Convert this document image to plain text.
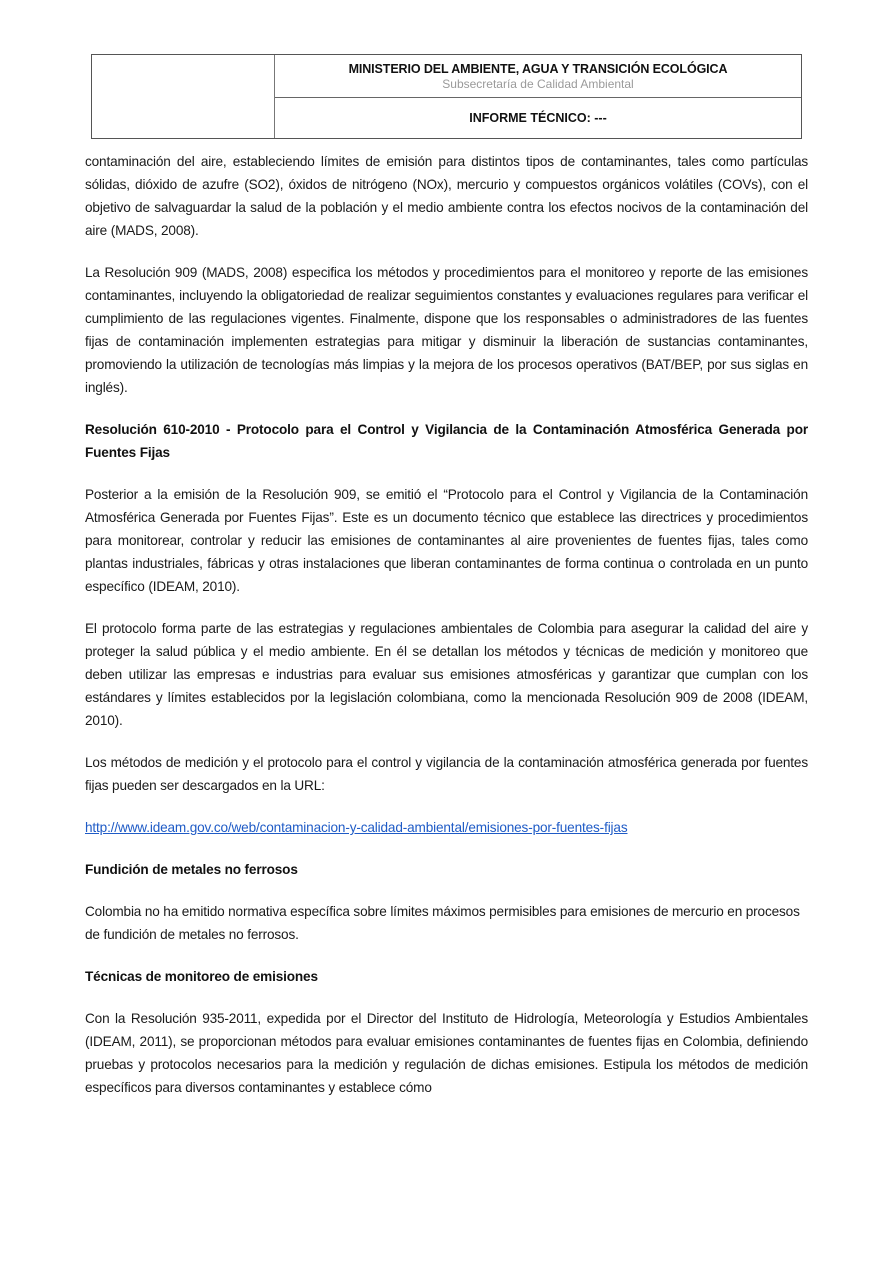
MINISTERIO DEL AMBIENTE, AGUA Y TRANSICIÓN ECOLÓGICA
Subsecretaría de Calidad Ambiental
INFORME TÉCNICO: ---

contaminación del aire, estableciendo límites de emisión para distintos tipos de contaminantes, tales como partículas sólidas, dióxido de azufre (SO2), óxidos de nitrógeno (NOx), mercurio y compuestos orgánicos volátiles (COVs), con el objetivo de salvaguardar la salud de la población y el medio ambiente contra los efectos nocivos de la contaminación del aire (MADS, 2008).

La Resolución 909 (MADS, 2008) especifica los métodos y procedimientos para el monitoreo y reporte de las emisiones contaminantes, incluyendo la obligatoriedad de realizar seguimientos constantes y evaluaciones regulares para verificar el cumplimiento de las regulaciones vigentes. Finalmente, dispone que los responsables o administradores de las fuentes fijas de contaminación implementen estrategias para mitigar y disminuir la liberación de sustancias contaminantes, promoviendo la utilización de tecnologías más limpias y la mejora de los procesos operativos (BAT/BEP, por sus siglas en inglés).

Resolución 610-2010 - Protocolo para el Control y Vigilancia de la Contaminación Atmosférica Generada por Fuentes Fijas

Posterior a la emisión de la Resolución 909, se emitió el “Protocolo para el Control y Vigilancia de la Contaminación Atmosférica Generada por Fuentes Fijas”. Este es un documento técnico que establece las directrices y procedimientos para monitorear, controlar y reducir las emisiones de contaminantes al aire provenientes de fuentes fijas, tales como plantas industriales, fábricas y otras instalaciones que liberan contaminantes de forma continua o controlada en un punto específico (IDEAM, 2010).

El protocolo forma parte de las estrategias y regulaciones ambientales de Colombia para asegurar la calidad del aire y proteger la salud pública y el medio ambiente. En él se detallan los métodos y técnicas de medición y monitoreo que deben utilizar las empresas e industrias para evaluar sus emisiones atmosféricas y garantizar que cumplan con los estándares y límites establecidos por la legislación colombiana, como la mencionada Resolución 909 de 2008 (IDEAM, 2010).

Los métodos de medición y el protocolo para el control y vigilancia de la contaminación atmosférica generada por fuentes fijas pueden ser descargados en la URL:

http://www.ideam.gov.co/web/contaminacion-y-calidad-ambiental/emisiones-por-fuentes-fijas

Fundición de metales no ferrosos

Colombia no ha emitido normativa específica sobre límites máximos permisibles para emisiones de mercurio en procesos de fundición de metales no ferrosos.

Técnicas de monitoreo de emisiones

Con la Resolución 935-2011, expedida por el Director del Instituto de Hidrología, Meteorología y Estudios Ambientales (IDEAM, 2011), se proporcionan métodos para evaluar emisiones contaminantes de fuentes fijas en Colombia, definiendo pruebas y protocolos necesarios para la medición y regulación de dichas emisiones. Estipula los métodos de medición específicos para diversos contaminantes y establece cómo
